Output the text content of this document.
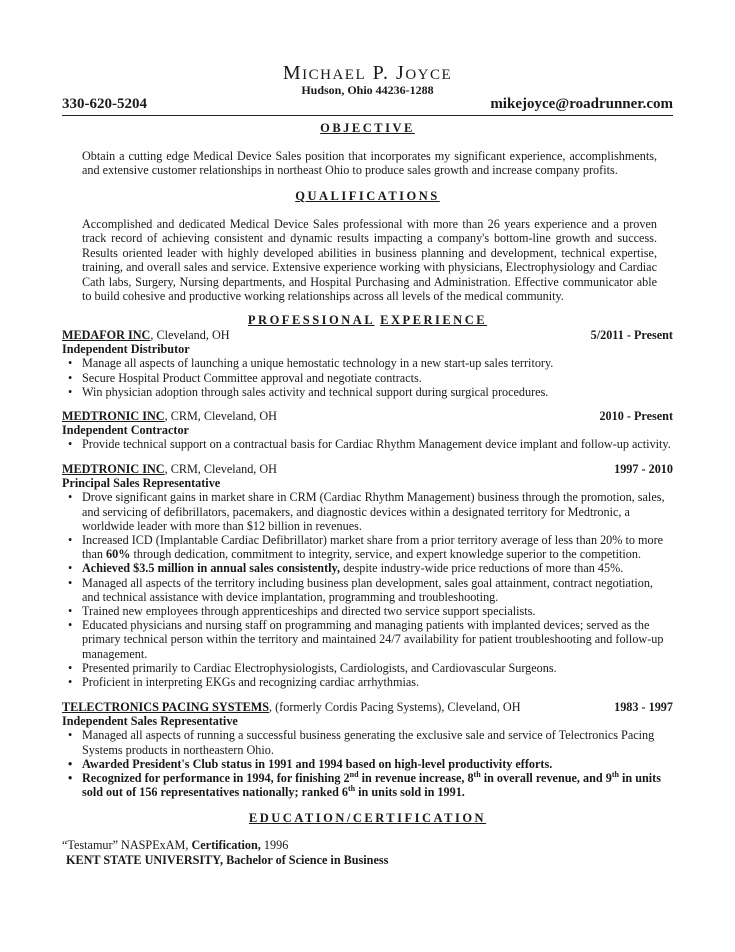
MICHAEL P. JOYCE
Hudson, Ohio 44236-1288
330-620-5204	mikejoyce@roadrunner.com
OBJECTIVE
Obtain a cutting edge Medical Device Sales position that incorporates my significant experience, accomplishments, and extensive customer relationships in northeast Ohio to produce sales growth and increase company profits.
QUALIFICATIONS
Accomplished and dedicated Medical Device Sales professional with more than 26 years experience and a proven track record of achieving consistent and dynamic results impacting a company's bottom-line growth and success. Results oriented leader with highly developed abilities in business planning and development, technical expertise, training, and overall sales and service. Extensive experience working with physicians, Electrophysiology and Cardiac Cath labs, Surgery, Nursing departments, and Hospital Purchasing and Administration. Effective communicator able to build cohesive and productive working relationships across all levels of the medical community.
PROFESSIONAL EXPERIENCE
MEDAFOR INC, Cleveland, OH	5/2011 - Present
Independent Distributor
• Manage all aspects of launching a unique hemostatic technology in a new start-up sales territory.
• Secure Hospital Product Committee approval and negotiate contracts.
• Win physician adoption through sales activity and technical support during surgical procedures.
MEDTRONIC INC, CRM, Cleveland, OH	2010 - Present
Independent Contractor
• Provide technical support on a contractual basis for Cardiac Rhythm Management device implant and follow-up activity.
MEDTRONIC INC, CRM, Cleveland, OH	1997 - 2010
Principal Sales Representative
• Drove significant gains in market share in CRM (Cardiac Rhythm Management) business through the promotion, sales, and servicing of defibrillators, pacemakers, and diagnostic devices within a designated territory for Medtronic, a worldwide leader with more than $12 billion in revenues.
• Increased ICD (Implantable Cardiac Defibrillator) market share from a prior territory average of less than 20% to more than 60% through dedication, commitment to integrity, service, and expert knowledge superior to the competition.
• Achieved $3.5 million in annual sales consistently, despite industry-wide price reductions of more than 45%.
• Managed all aspects of the territory including business plan development, sales goal attainment, contract negotiation, and technical assistance with device implantation, programming and troubleshooting.
• Trained new employees through apprenticeships and directed two service support specialists.
• Educated physicians and nursing staff on programming and managing patients with implanted devices; served as the primary technical person within the territory and maintained 24/7 availability for patient troubleshooting and follow-up management.
• Presented primarily to Cardiac Electrophysiologists, Cardiologists, and Cardiovascular Surgeons.
• Proficient in interpreting EKGs and recognizing cardiac arrhythmias.
TELECTRONICS PACING SYSTEMS, (formerly Cordis Pacing Systems), Cleveland, OH	1983 - 1997
Independent Sales Representative
• Managed all aspects of running a successful business generating the exclusive sale and service of Telectronics Pacing Systems products in northeastern Ohio.
• Awarded President's Club status in 1991 and 1994 based on high-level productivity efforts.
• Recognized for performance in 1994, for finishing 2nd in revenue increase, 8th in overall revenue, and 9th in units sold out of 156 representatives nationally; ranked 6th in units sold in 1991.
EDUCATION/CERTIFICATION
“Testamur” NASPExAM, Certification, 1996
KENT STATE UNIVERSITY, Bachelor of Science in Business
